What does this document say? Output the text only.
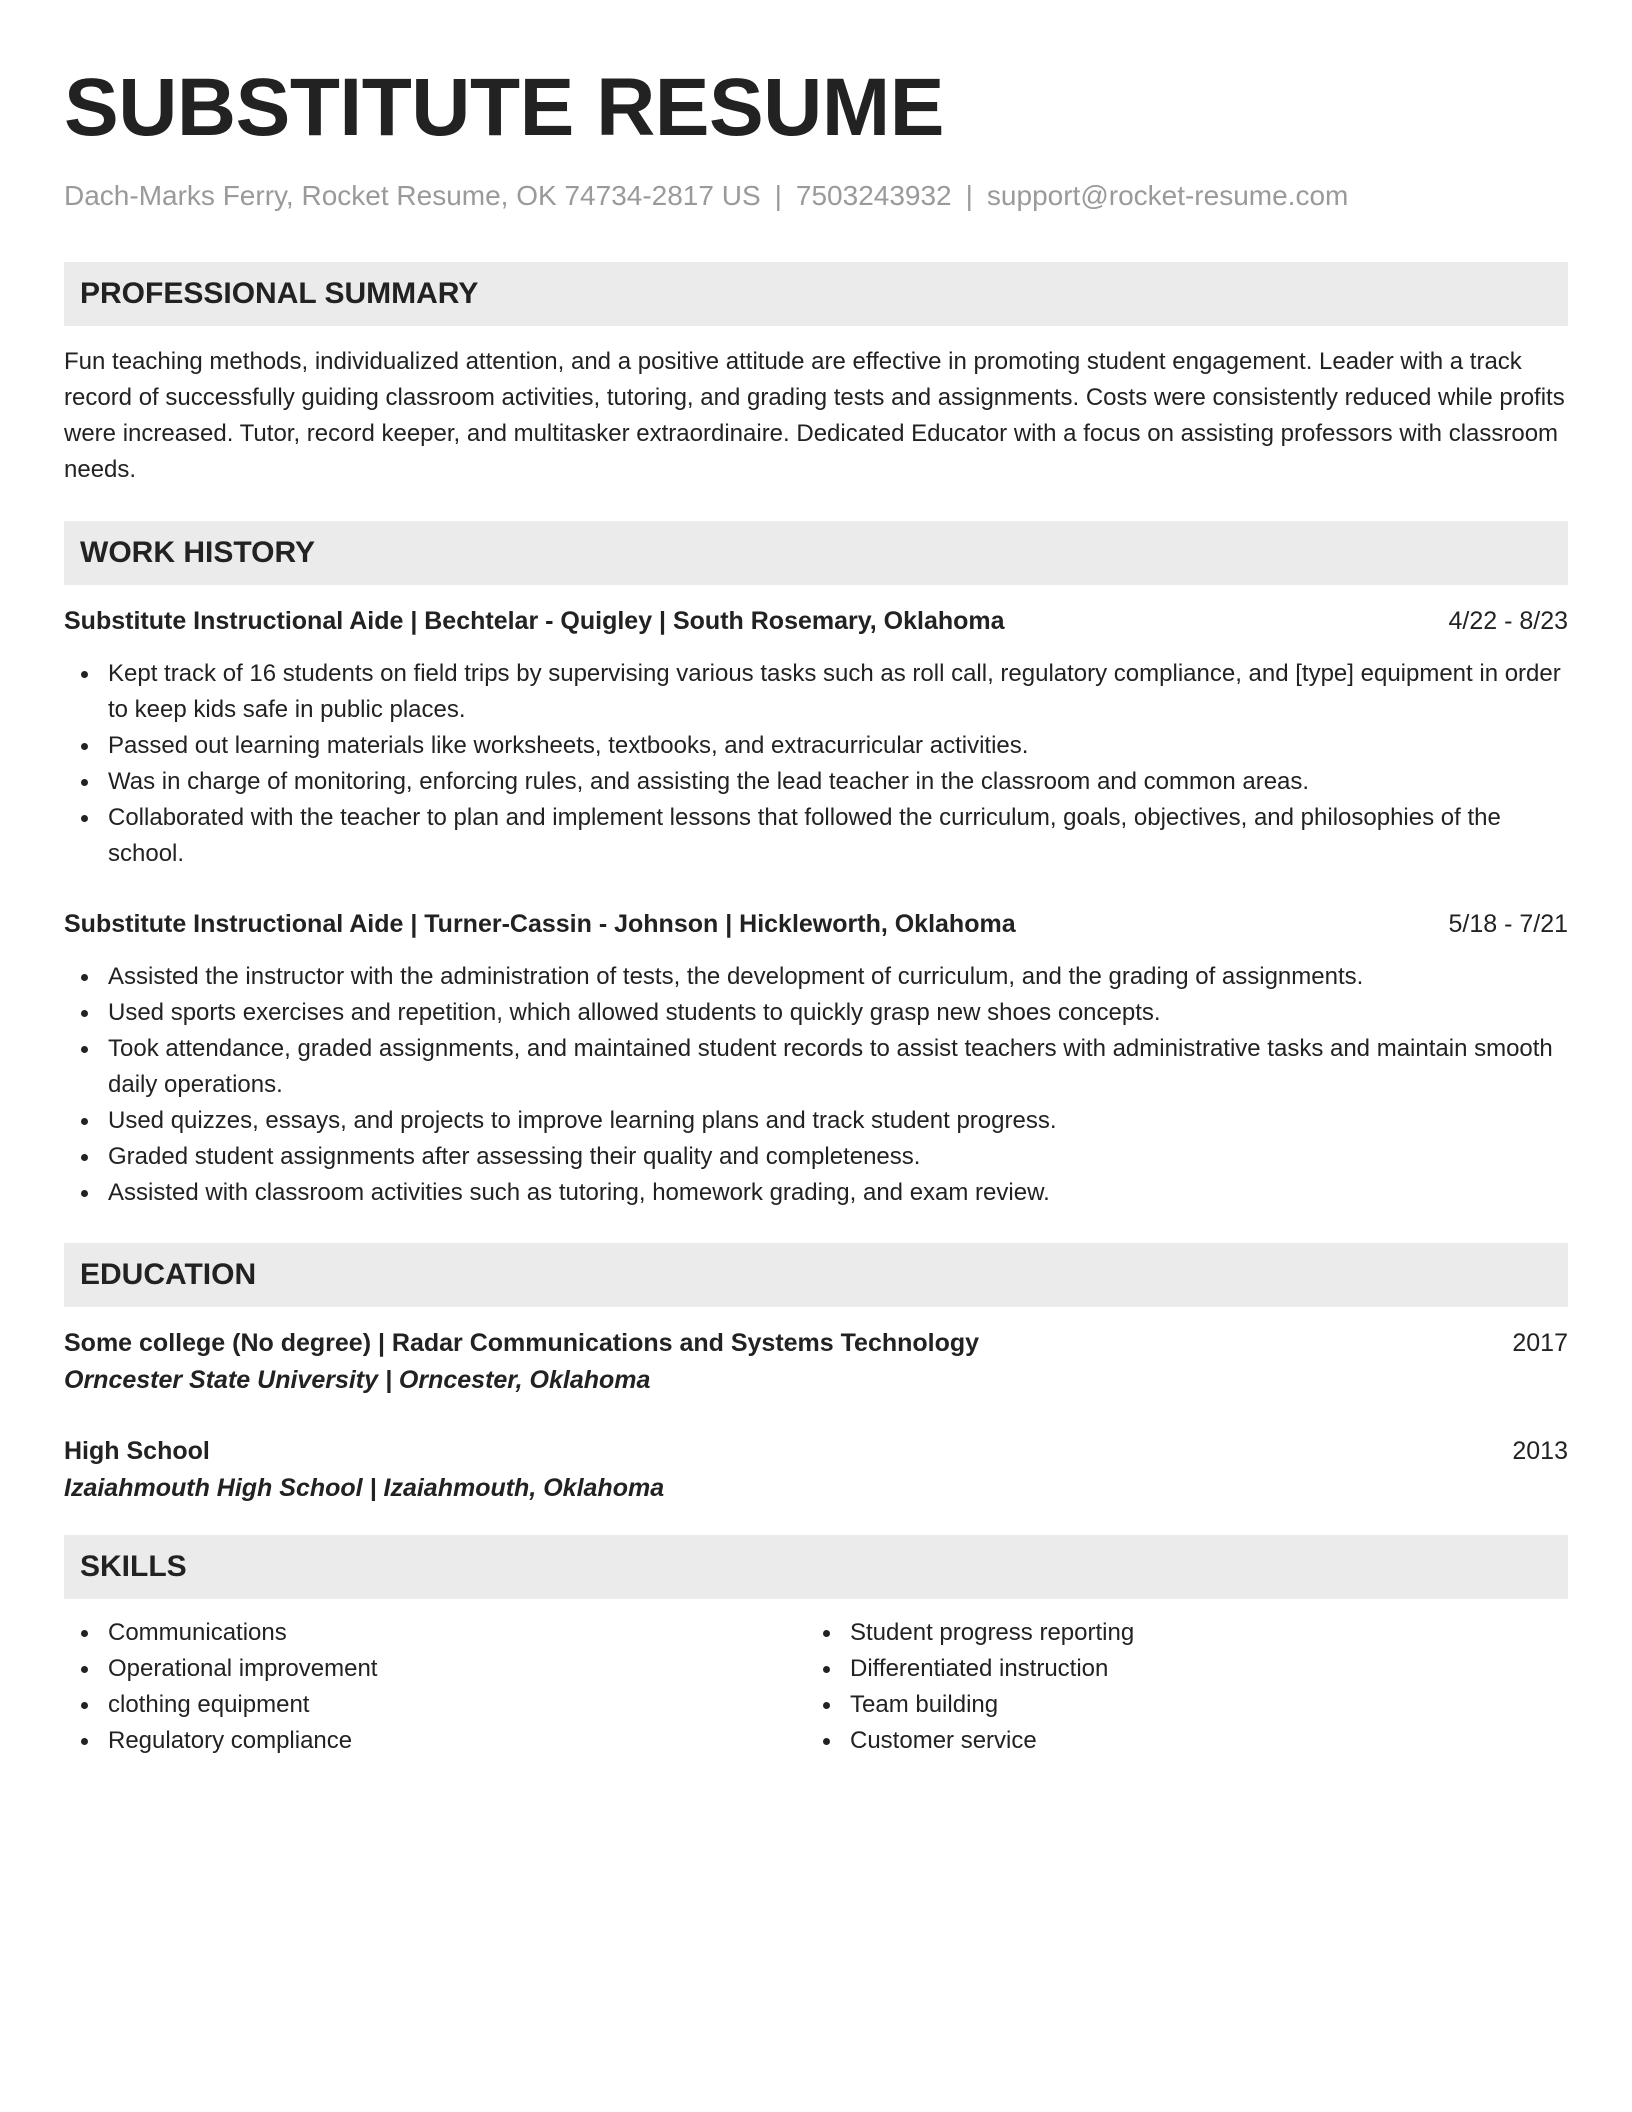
SUBSTITUTE RESUME
Dach-Marks Ferry, Rocket Resume, OK 74734-2817 US | 7503243932 | support@rocket-resume.com
PROFESSIONAL SUMMARY

Fun teaching methods, individualized attention, and a positive attitude are effective in promoting student engagement. Leader with a track record of successfully guiding classroom activities, tutoring, and grading tests and assignments. Costs were consistently reduced while profits were increased. Tutor, record keeper, and multitasker extraordinaire. Dedicated Educator with a focus on assisting professors with classroom needs.

WORK HISTORY
Substitute Instructional Aide | Bechtelar - Quigley | South Rosemary, Oklahoma	4/22 - 8/23
Kept track of 16 students on field trips by supervising various tasks such as roll call, regulatory compliance, and [type] equipment in order to keep kids safe in public places.
Passed out learning materials like worksheets, textbooks, and extracurricular activities.
Was in charge of monitoring, enforcing rules, and assisting the lead teacher in the classroom and common areas.
Collaborated with the teacher to plan and implement lessons that followed the curriculum, goals, objectives, and philosophies of the school.
Substitute Instructional Aide | Turner-Cassin - Johnson | Hickleworth, Oklahoma	5/18 - 7/21
Assisted the instructor with the administration of tests, the development of curriculum, and the grading of assignments.
Used sports exercises and repetition, which allowed students to quickly grasp new shoes concepts.
Took attendance, graded assignments, and maintained student records to assist teachers with administrative tasks and maintain smooth daily operations.
Used quizzes, essays, and projects to improve learning plans and track student progress.
Graded student assignments after assessing their quality and completeness.
Assisted with classroom activities such as tutoring, homework grading, and exam review.
EDUCATION
Some college (No degree) | Radar Communications and Systems Technology	2017
Orncester State University | Orncester, Oklahoma
High School	2013
Izaiahmouth High School | Izaiahmouth, Oklahoma
SKILLS
Communications
Operational improvement
clothing equipment
Regulatory compliance
Student progress reporting
Differentiated instruction
Team building
Customer service
